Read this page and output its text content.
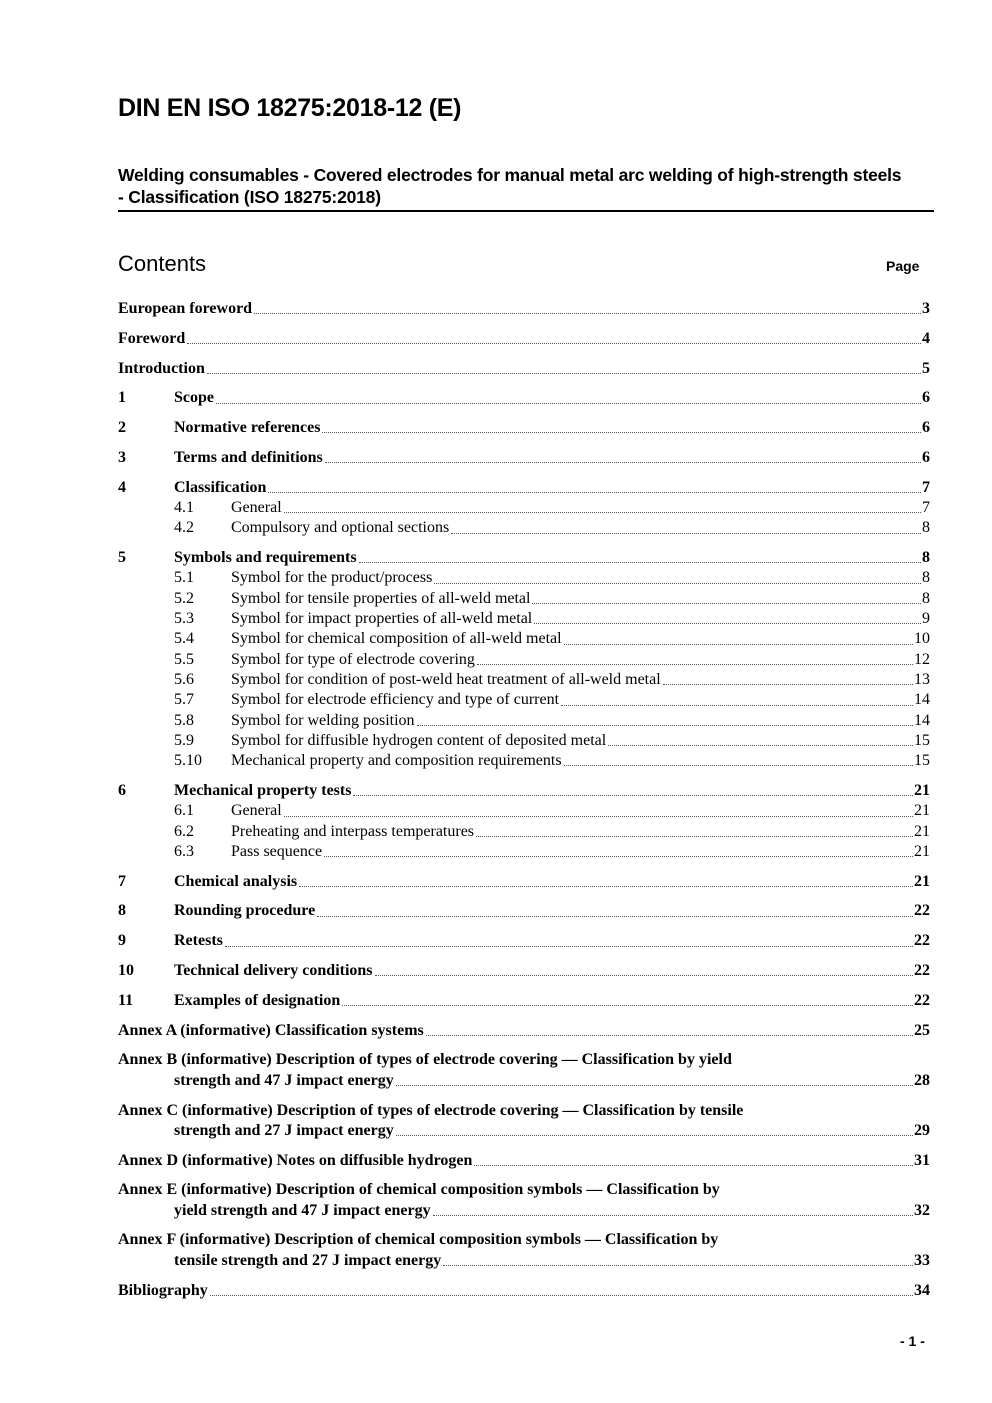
DIN EN ISO 18275:2018-12 (E)
Welding consumables - Covered electrodes for manual metal arc welding of high-strength steels - Classification (ISO 18275:2018)
Contents	Page
European foreword	3
Foreword	4
Introduction	5
1	Scope	6
2	Normative references	6
3	Terms and definitions	6
4	Classification	7
4.1	General	7
4.2	Compulsory and optional sections	8
5	Symbols and requirements	8
5.1	Symbol for the product/process	8
5.2	Symbol for tensile properties of all-weld metal	8
5.3	Symbol for impact properties of all-weld metal	9
5.4	Symbol for chemical composition of all-weld metal	10
5.5	Symbol for type of electrode covering	12
5.6	Symbol for condition of post-weld heat treatment of all-weld metal	13
5.7	Symbol for electrode efficiency and type of current	14
5.8	Symbol for welding position	14
5.9	Symbol for diffusible hydrogen content of deposited metal	15
5.10	Mechanical property and composition requirements	15
6	Mechanical property tests	21
6.1	General	21
6.2	Preheating and interpass temperatures	21
6.3	Pass sequence	21
7	Chemical analysis	21
8	Rounding procedure	22
9	Retests	22
10	Technical delivery conditions	22
11	Examples of designation	22
Annex A (informative) Classification systems	25
Annex B (informative) Description of types of electrode covering — Classification by yield
strength and 47 J impact energy	28
Annex C (informative) Description of types of electrode covering — Classification by tensile
strength and 27 J impact energy	29
Annex D (informative) Notes on diffusible hydrogen	31
Annex E (informative) Description of chemical composition symbols — Classification by
yield strength and 47 J impact energy	32
Annex F (informative) Description of chemical composition symbols — Classification by
tensile strength and 27 J impact energy	33
Bibliography	34
- 1 -
